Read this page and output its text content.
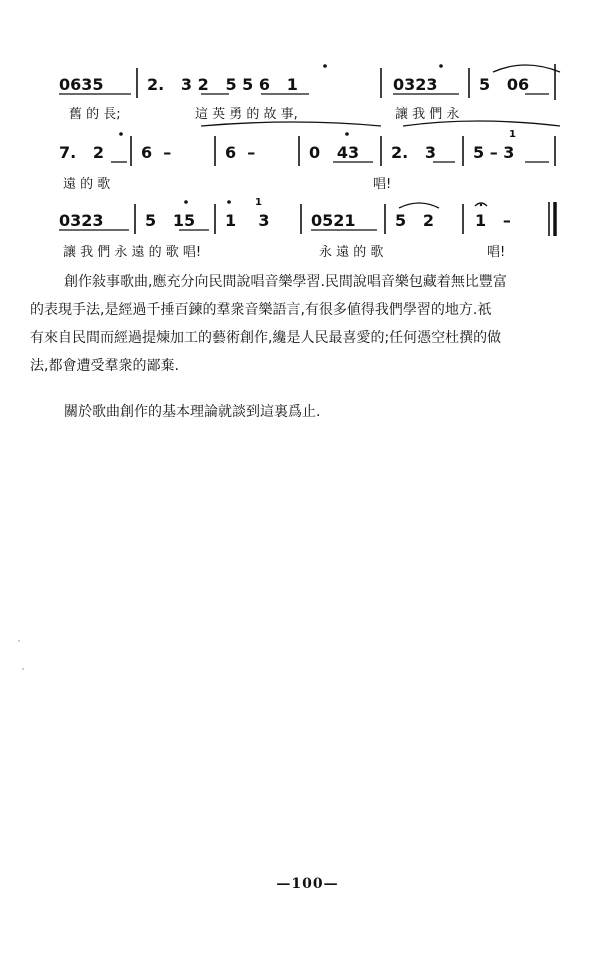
0635	2.   3 2   5 5 6   1	0323	5   06
舊 的 長;	這 英 勇 的 故 事,	讓 我 們 永
1
7.   2 6  –	6  –	0   43 2.   3 5 – 3
遠 的 歌	唱!
1
0323	5   15 1    3	0521 5   2	1   –
讓 我 們 永 遠 的 歌 唱!	永 遠 的 歌	唱!
創作敍事歌曲,應充分向民間說唱音樂學習.民間說唱音樂包藏着無比豐富
的表現手法,是經過千捶百鍊的羣衆音樂語言,有很多値得我們學習的地方.祇
有來自民間而經過提煉加工的藝術創作,纔是人民最喜愛的;任何憑空杜撰的做
法,都會遭受羣衆的鄙棄.
關於歌曲創作的基本理論就談到這裏爲止.
—100—
